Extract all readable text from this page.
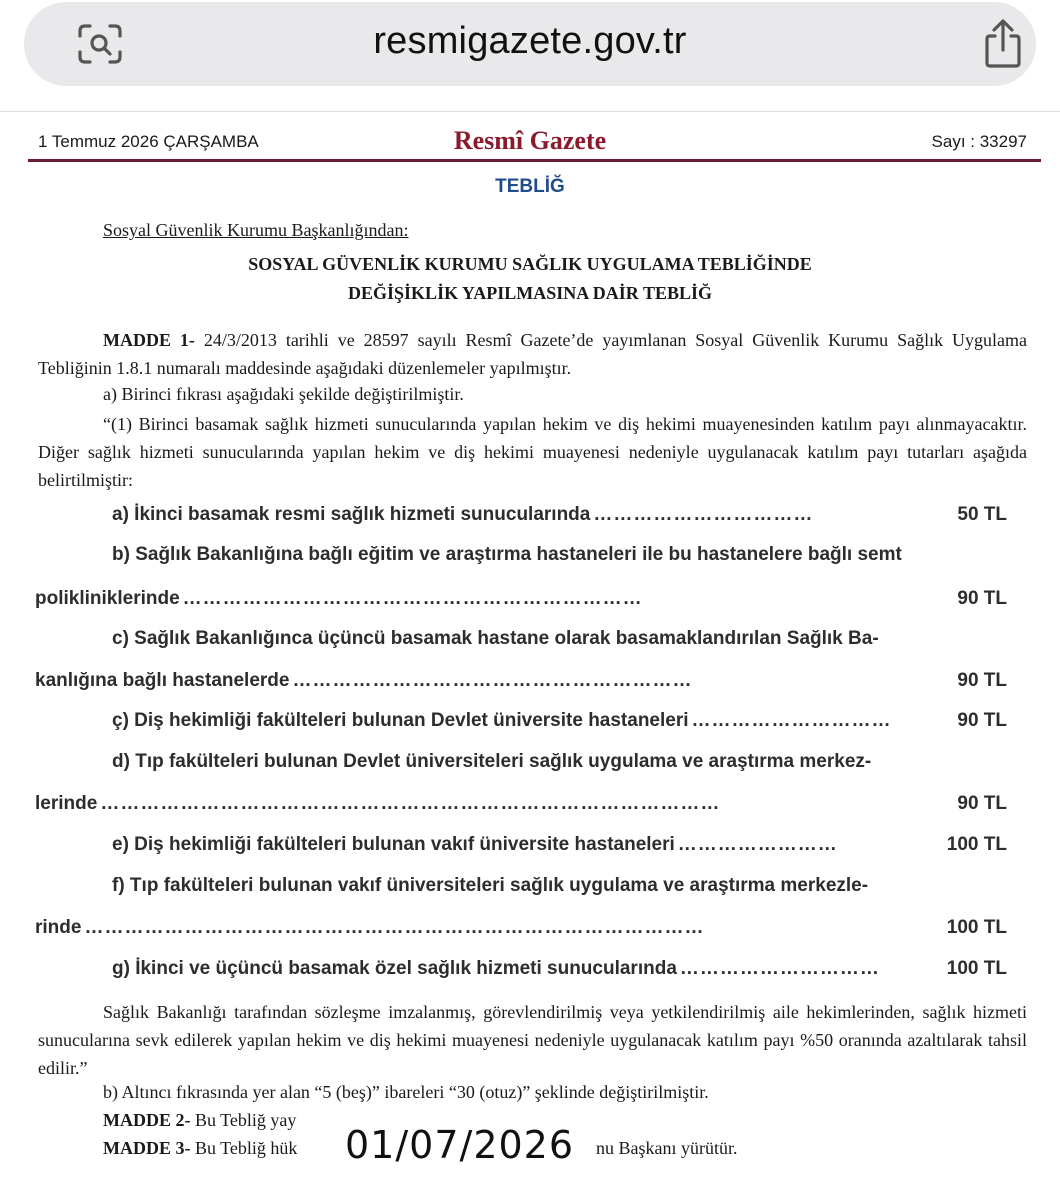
resmigazete.gov.tr
1 Temmuz 2026 ÇARŞAMBA	Resmî Gazete	Sayı : 33297
TEBLİĞ
Sosyal Güvenlik Kurumu Başkanlığından:
SOSYAL GÜVENLİK KURUMU SAĞLIK UYGULAMA TEBLİĞİNDE
DEĞİŞİKLİK YAPILMASINA DAİR TEBLİĞ
MADDE 1- 24/3/2013 tarihli ve 28597 sayılı Resmî Gazete’de yayımlanan Sosyal Güvenlik Kurumu Sağlık Uygulama Tebliğinin 1.8.1 numaralı maddesinde aşağıdaki düzenlemeler yapılmıştır.
a) Birinci fıkrası aşağıdaki şekilde değiştirilmiştir.
“(1) Birinci basamak sağlık hizmeti sunucularında yapılan hekim ve diş hekimi muayenesinden katılım payı alınmayacaktır. Diğer sağlık hizmeti sunucularında yapılan hekim ve diş hekimi muayenesi nedeniyle uygulanacak katılım payı tutarları aşağıda belirtilmiştir:
a) İkinci basamak resmi sağlık hizmeti sunucularında ……………………………	50 TL
b) Sağlık Bakanlığına bağlı eğitim ve araştırma hastaneleri ile bu hastanelere bağlı semt
polikliniklerinde ……………………………………………………………	90 TL
c) Sağlık Bakanlığınca üçüncü basamak hastane olarak basamaklandırılan Sağlık Ba-
kanlığına bağlı hastanelerde ……………………………………………………	90 TL
ç) Diş hekimliği fakülteleri bulunan Devlet üniversite hastaneleri …………………………	90 TL
d) Tıp fakülteleri bulunan Devlet üniversiteleri sağlık uygulama ve araştırma merkez-
lerinde …………………………………………………………………………………	90 TL
e) Diş hekimliği fakülteleri bulunan vakıf üniversite hastaneleri ……………………	100 TL
f) Tıp fakülteleri bulunan vakıf üniversiteleri sağlık uygulama ve araştırma merkezle-
rinde …………………………………………………………………………………	100 TL
g) İkinci ve üçüncü basamak özel sağlık hizmeti sunucularında …………………………	100 TL
Sağlık Bakanlığı tarafından sözleşme imzalanmış, görevlendirilmiş veya yetkilendirilmiş aile hekimlerinden, sağlık hizmeti sunucularına sevk edilerek yapılan hekim ve diş hekimi muayenesi nedeniyle uygulanacak katılım payı %50 oranında azaltılarak tahsil edilir.”
b) Altıncı fıkrasında yer alan “5 (beş)” ibareleri “30 (otuz)” şeklinde değiştirilmiştir.
MADDE 2- Bu Tebliğ yay
MADDE 3- Bu Tebliğ hük	nu Başkanı yürütür.
01/07/2026
